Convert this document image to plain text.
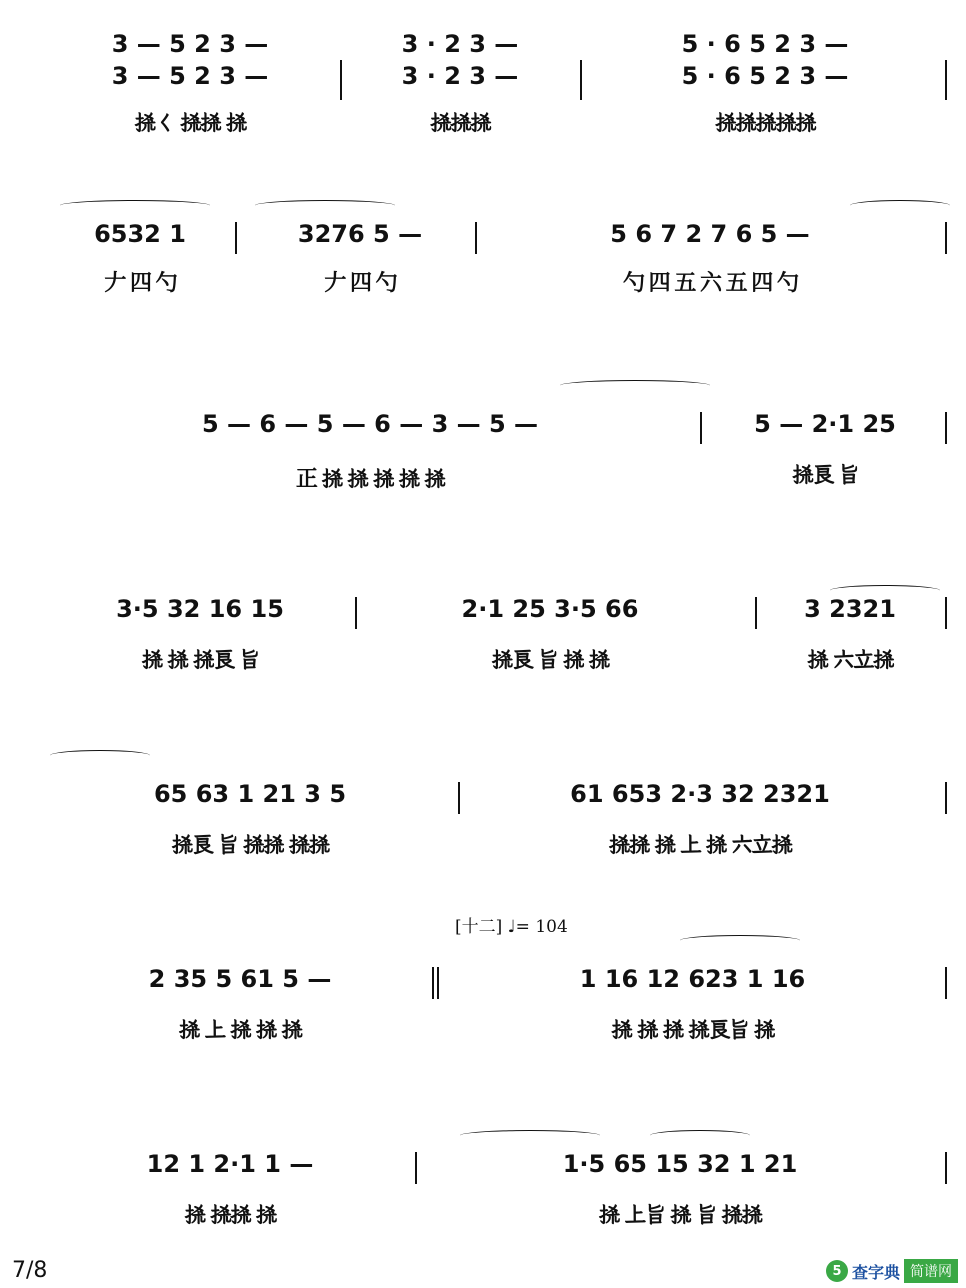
3 — 5 2 3 —
3 — 5 2 3 —
𢫬𡿨 𢫬𢫬 𢫬
3 · 2 3 —
3 · 2 3 —
𢫬𢫬𢫬
5 · 6 5 2 3 —
5 · 6 5 2 3 —
𢫬𢫬𢫬𢫬𢫬
6532 1
𠂇 四 勺
3276 5 —
𠂇 四 勺
5 6 7 2 7 6 5 —
勺 四 五 六 五 四 勺
5 — 6 — 5 — 6 — 3 — 5 —
正 𢫬 𢫬 𢫬 𢫬 𢫬
5 — 2·1 25
𢫬良 旨
3·5 32 16 15
𢫬 𢫬 𢫬良 旨
2·1 25 3·5 66
𢫬良 旨 𢫬 𢫬
3 2321
𢫬 六立𢫬
65 63 1 21 3 5
𢫬良 旨 𢫬𢫬 𢫬𢫬
61 653 2·3 32 2321
𢫬𢫬 𢫬 上 𢫬 六立𢫬
[十二] ♩= 104
2 35 5 61 5 —
𢫬 上 𢫬 𢫬 𢫬
1 16 12 623 1 16
𢫬 𢫬 𢫬 𢫬良旨 𢫬
12 1 2·1 1 —
𢫬 𢫬𢫬 𢫬
1·5 65 15 32 1 21
𢫬 上旨 𢫬 旨 𢫬𢫬
7/8	5 查字典 简谱网
